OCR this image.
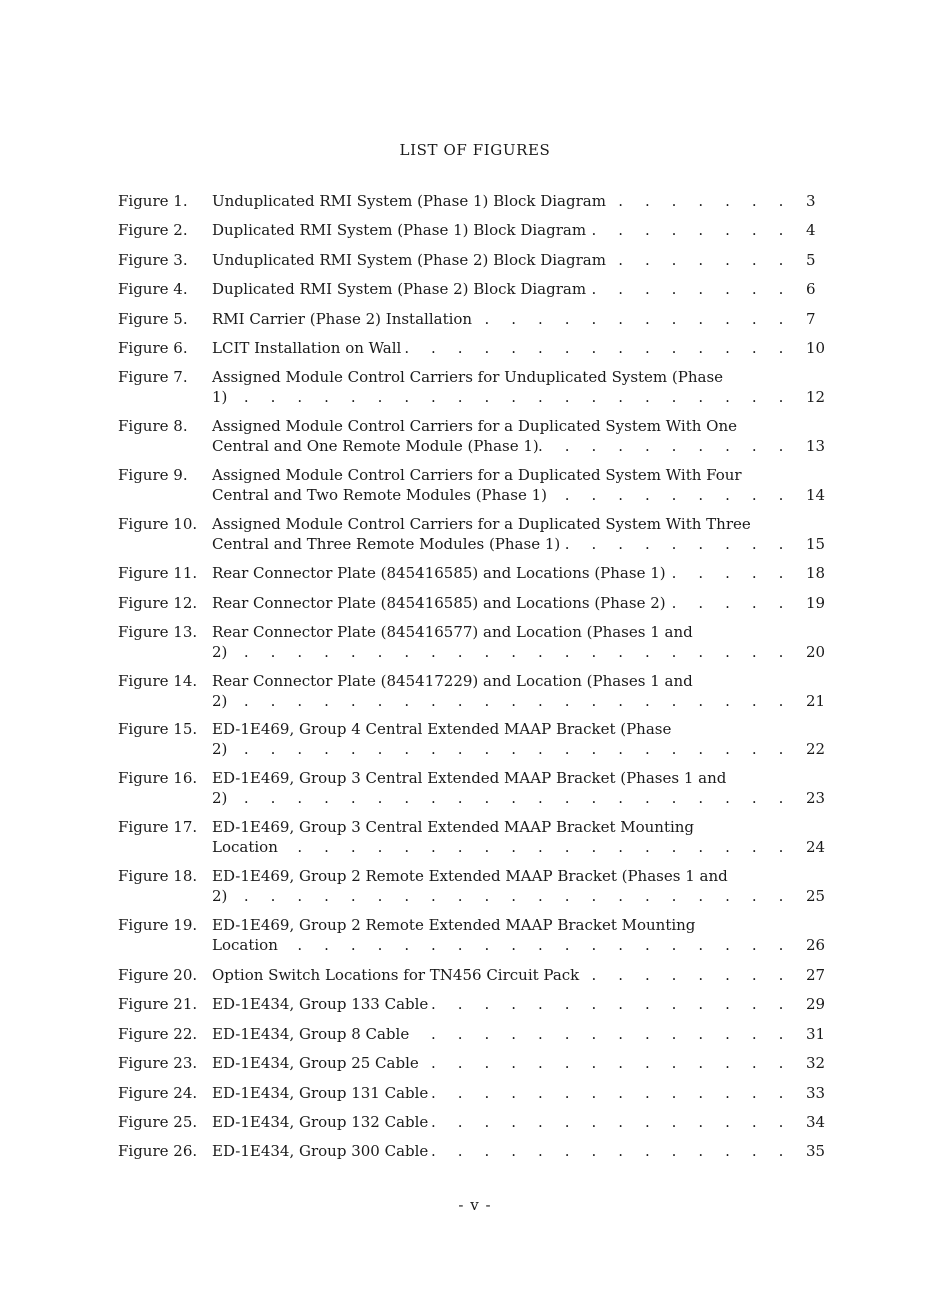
LIST OF FIGURES
Figure 1. Unduplicated RMI System (Phase 1) Block Diagram . . .	3
Figure 2. Duplicated RMI System (Phase 1) Block Diagram . . .	4
Figure 3. Unduplicated RMI System (Phase 2) Block Diagram . . .	5
Figure 4. Duplicated RMI System (Phase 2) Block Diagram . . .	6
Figure 5. RMI Carrier (Phase 2) Installation . . .	7
Figure 6. LCIT Installation on Wall . . .	10
Figure 7. Assigned Module Control Carriers for Unduplicated System (Phase
1) . . .	12
Figure 8. Assigned Module Control Carriers for a Duplicated System With One
Central and One Remote Module (Phase 1) . . .	13
Figure 9. Assigned Module Control Carriers for a Duplicated System With Four
Central and Two Remote Modules (Phase 1) . . .	14
Figure 10. Assigned Module Control Carriers for a Duplicated System With Three
Central and Three Remote Modules (Phase 1) . . .	15
Figure 11. Rear Connector Plate (845416585) and Locations (Phase 1) . . .	18
Figure 12. Rear Connector Plate (845416585) and Locations (Phase 2) . . .	19
Figure 13. Rear Connector Plate (845416577) and Location (Phases 1 and
2) . . .	20
Figure 14. Rear Connector Plate (845417229) and Location (Phases 1 and
2) . . .	21
Figure 15. ED-1E469, Group 4 Central Extended MAAP Bracket (Phase
2) . . .	22
Figure 16. ED-1E469, Group 3 Central Extended MAAP Bracket (Phases 1 and
2) . . .	23
Figure 17. ED-1E469, Group 3 Central Extended MAAP Bracket Mounting
Location . . .	24
Figure 18. ED-1E469, Group 2 Remote Extended MAAP Bracket (Phases 1 and
2) . . .	25
Figure 19. ED-1E469, Group 2 Remote Extended MAAP Bracket Mounting
Location . . .	26
Figure 20. Option Switch Locations for TN456 Circuit Pack . . .	27
Figure 21. ED-1E434, Group 133 Cable . . .	29
Figure 22. ED-1E434, Group 8 Cable . . .	31
Figure 23. ED-1E434, Group 25 Cable . . .	32
Figure 24. ED-1E434, Group 131 Cable . . .	33
Figure 25. ED-1E434, Group 132 Cable . . .	34
Figure 26. ED-1E434, Group 300 Cable . . .	35
- v -
